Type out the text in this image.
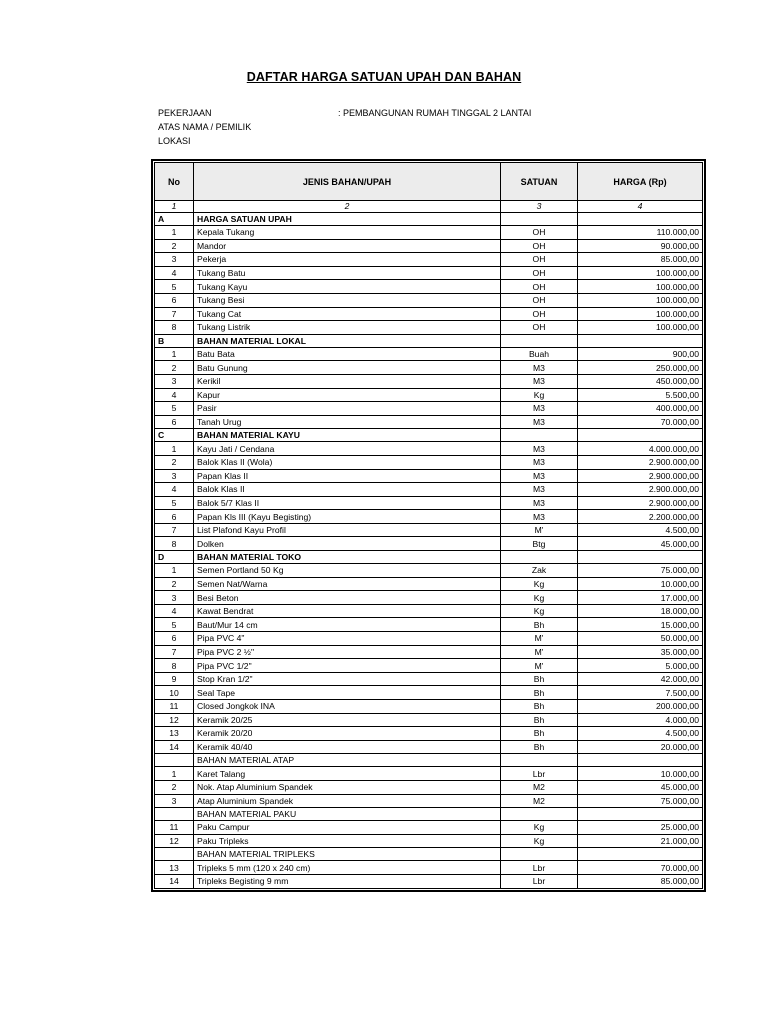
DAFTAR HARGA SATUAN UPAH DAN BAHAN
PEKERJAAN	: PEMBANGUNAN RUMAH TINGGAL 2 LANTAI
ATAS NAMA / PEMILIK
LOKASI
No	JENIS BAHAN/UPAH	SATUAN	HARGA (Rp)
1	2	3	4
A	HARGA SATUAN UPAH		
1	Kepala Tukang	OH	110.000,00
2	Mandor	OH	90.000,00
3	Pekerja	OH	85.000,00
4	Tukang Batu	OH	100.000,00
5	Tukang Kayu	OH	100.000,00
6	Tukang Besi	OH	100.000,00
7	Tukang Cat	OH	100.000,00
8	Tukang Listrik	OH	100.000,00
B	BAHAN MATERIAL LOKAL		
1	Batu Bata	Buah	900,00
2	Batu Gunung	M3	250.000,00
3	Kerikil	M3	450.000,00
4	Kapur	Kg	5.500,00
5	Pasir	M3	400.000,00
6	Tanah Urug	M3	70.000,00
C	BAHAN MATERIAL KAYU		
1	Kayu Jati / Cendana	M3	4.000.000,00
2	Balok Klas II (Wola)	M3	2.900.000,00
3	Papan Klas II	M3	2.900.000,00
4	Balok Klas II	M3	2.900.000,00
5	Balok 5/7 Klas II	M3	2.900.000,00
6	Papan Kls III (Kayu Begisting)	M3	2.200.000,00
7	List Plafond Kayu Profil	M'	4.500,00
8	Dolken	Btg	45.000,00
D	BAHAN MATERIAL TOKO		
1	Semen Portland 50 Kg	Zak	75.000,00
2	Semen Nat/Warna	Kg	10.000,00
3	Besi Beton	Kg	17.000,00
4	Kawat Bendrat	Kg	18.000,00
5	Baut/Mur 14 cm	Bh	15.000,00
6	Pipa PVC 4"	M'	50.000,00
7	Pipa PVC 2 ½"	M'	35.000,00
8	Pipa PVC 1/2"	M'	5.000,00
9	Stop Kran 1/2"	Bh	42.000,00
10	Seal Tape	Bh	7.500,00
11	Closed Jongkok INA	Bh	200.000,00
12	Keramik 20/25	Bh	4.000,00
13	Keramik 20/20	Bh	4.500,00
14	Keramik 40/40	Bh	20.000,00
	BAHAN MATERIAL ATAP		
1	Karet Talang	Lbr	10.000,00
2	Nok. Atap Aluminium Spandek	M2	45.000,00
3	Atap Aluminium Spandek	M2	75.000,00
	BAHAN MATERIAL PAKU		
11	Paku Campur	Kg	25.000,00
12	Paku Tripleks	Kg	21.000,00
	BAHAN MATERIAL TRIPLEKS		
13	Tripleks 5 mm (120 x 240 cm)	Lbr	70.000,00
14	Tripleks Begisting 9 mm	Lbr	85.000,00
